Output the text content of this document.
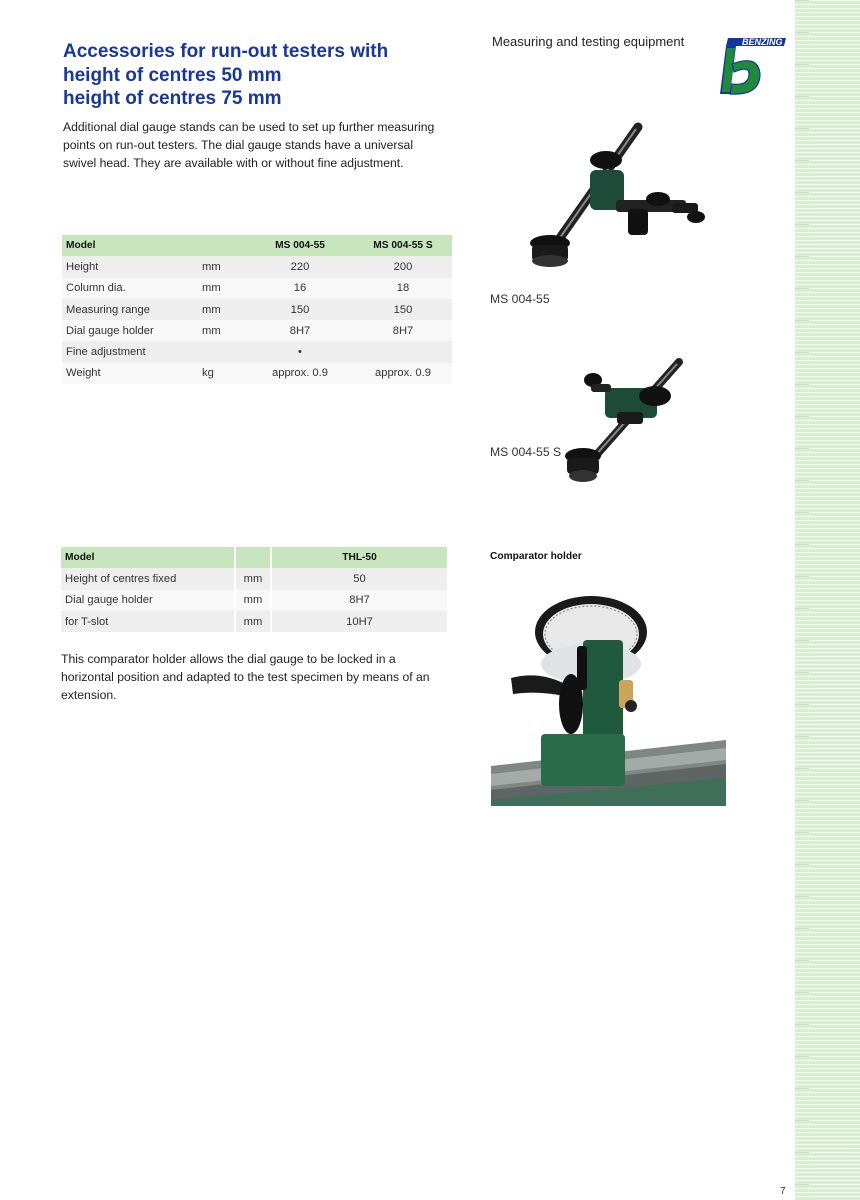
Accessories for run-out testers with
height of centres 50 mm
height of centres 75 mm

Additional dial gauge stands can be used to set up further measuring points on run-out testers. The dial gauge stands have a universal swivel head. They are available with or without fine adjustment.

Measuring and testing equipment	BENZING
Model		MS 004-55	MS 004-55 S
Height	mm	220	200
Column dia.	mm	16	18
Measuring range	mm	150	150
Dial gauge holder	mm	8H7	8H7
Fine adjustment		•	
Weight	kg	approx. 0.9	approx. 0.9
Model		THL-50
Height of centres fixed	mm	50
Dial gauge holder	mm	8H7
for T-slot	mm	10H7

This comparator holder allows the dial gauge to be locked in a horizontal position and adapted to the test specimen by means of an extension.

MS 004-55
MS 004-55 S
Comparator holder
7
